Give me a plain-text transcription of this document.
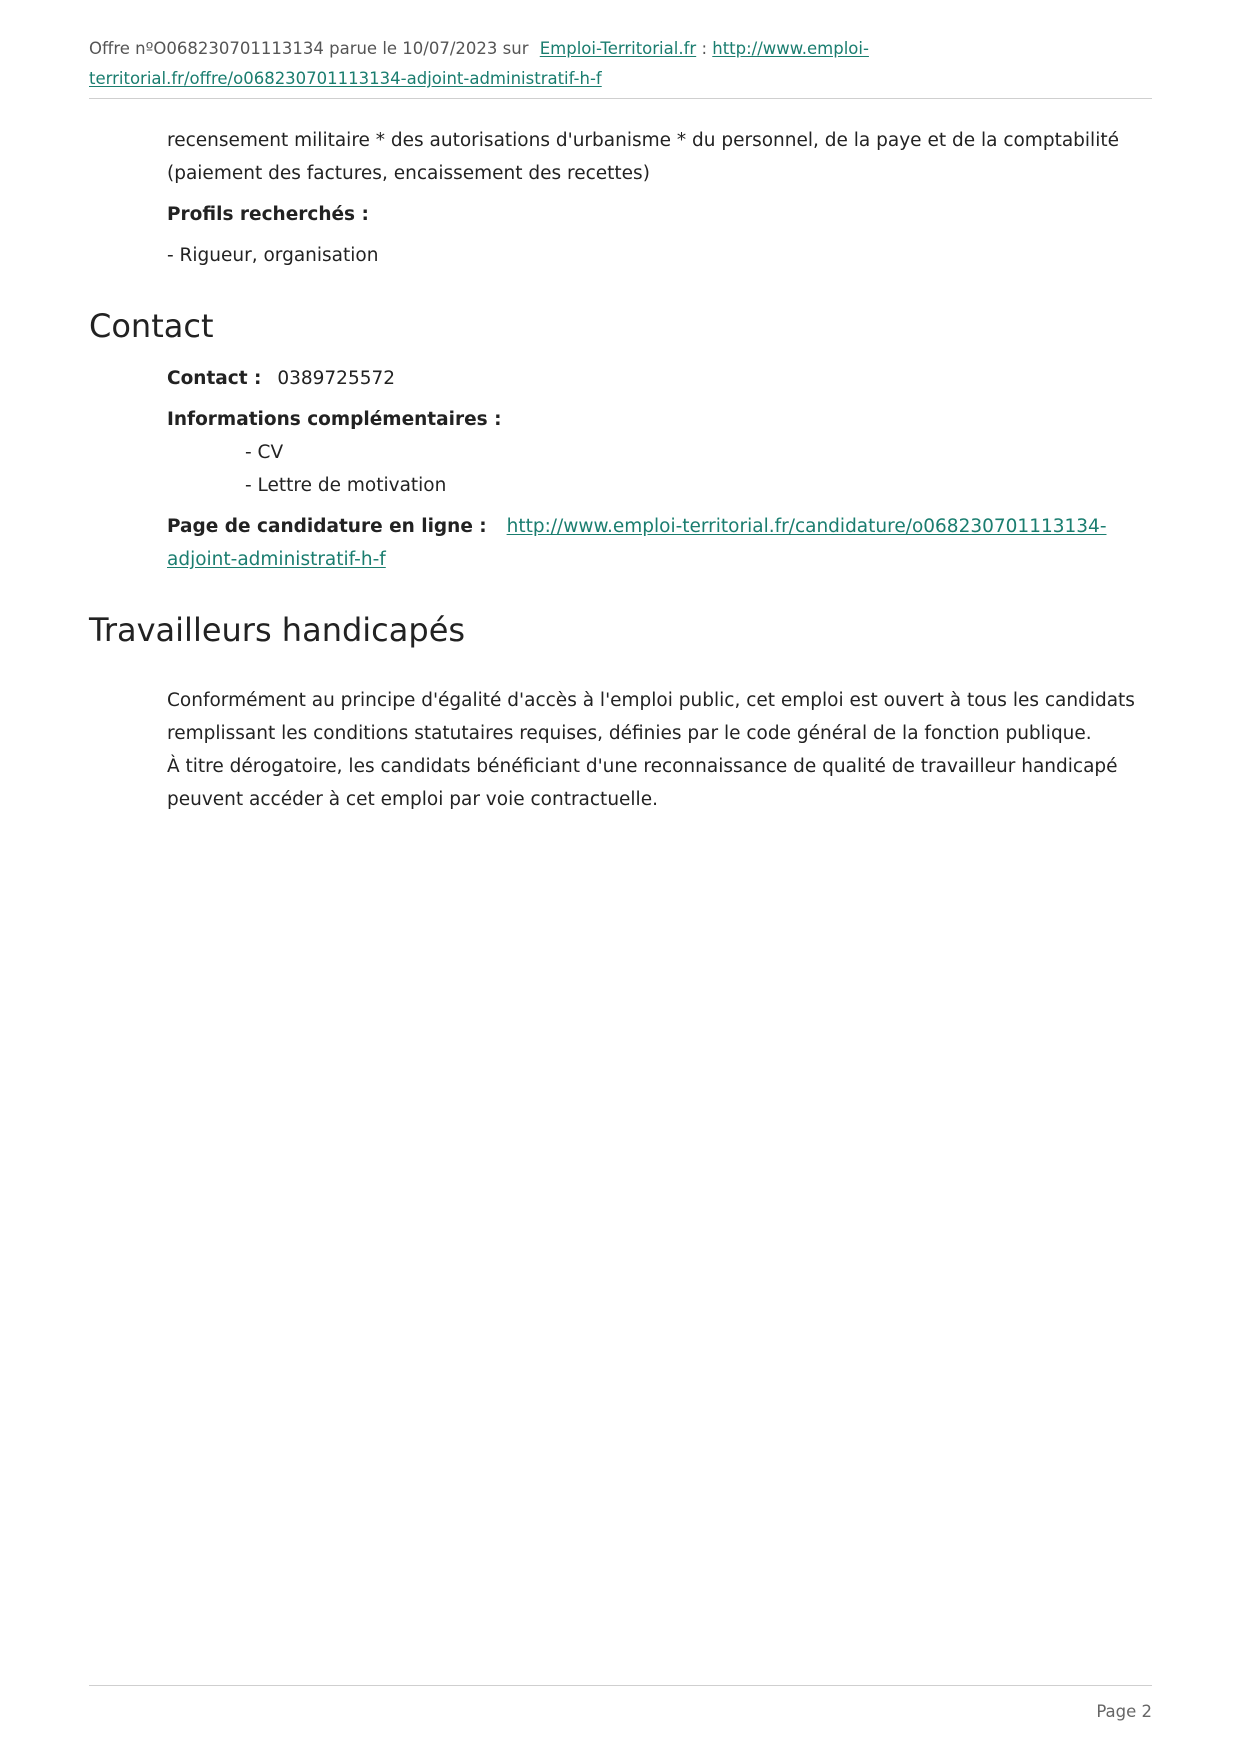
Offre nºO068230701113134 parue le 10/07/2023 sur Emploi-Territorial.fr : http://www.emploi-territorial.fr/offre/o068230701113134-adjoint-administratif-h-f

recensement militaire * des autorisations d'urbanisme * du personnel, de la paye et de la comptabilité (paiement des factures, encaissement des recettes)

Profils recherchés :

- Rigueur, organisation

Contact

Contact : 0389725572

Informations complémentaires :

- CV
- Lettre de motivation

Page de candidature en ligne : http://www.emploi-territorial.fr/candidature/o068230701113134-adjoint-administratif-h-f

Travailleurs handicapés

Conformément au principe d'égalité d'accès à l'emploi public, cet emploi est ouvert à tous les candidats remplissant les conditions statutaires requises, définies par le code général de la fonction publique.

À titre dérogatoire, les candidats bénéficiant d'une reconnaissance de qualité de travailleur handicapé peuvent accéder à cet emploi par voie contractuelle.

Page 2
